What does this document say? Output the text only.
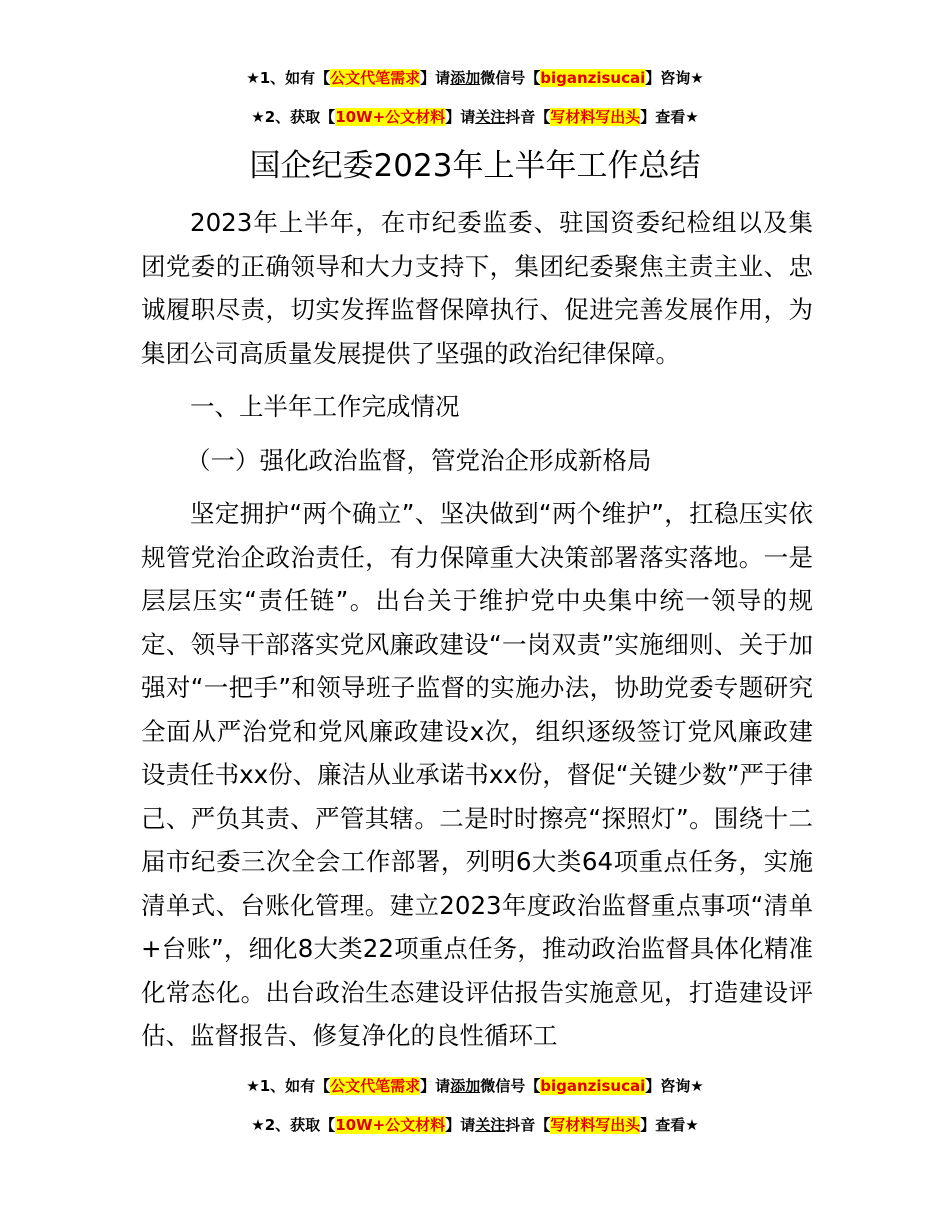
★1、如有【公文代笔需求】请添加微信号【biganzisucai】咨询★
★2、获取【10W+公文材料】请关注抖音【写材料写出头】查看★
国企纪委2023年上半年工作总结

2023年上半年，在市纪委监委、驻国资委纪检组以及集团党委的正确领导和大力支持下，集团纪委聚焦主责主业、忠诚履职尽责，切实发挥监督保障执行、促进完善发展作用，为集团公司高质量发展提供了坚强的政治纪律保障。

一、上半年工作完成情况

（一）强化政治监督，管党治企形成新格局

坚定拥护“两个确立”、坚决做到“两个维护”，扛稳压实依规管党治企政治责任，有力保障重大决策部署落实落地。一是层层压实“责任链”。出台关于维护党中央集中统一领导的规定、领导干部落实党风廉政建设“一岗双责”实施细则、关于加强对“一把手”和领导班子监督的实施办法，协助党委专题研究全面从严治党和党风廉政建设x次，组织逐级签订党风廉政建设责任书xx份、廉洁从业承诺书xx份，督促“关键少数”严于律己、严负其责、严管其辖。二是时时擦亮“探照灯”。围绕十二届市纪委三次全会工作部署，列明6大类64项重点任务，实施清单式、台账化管理。建立2023年度政治监督重点事项“清单+台账”，细化8大类22项重点任务，推动政治监督具体化精准化常态化。出台政治生态建设评估报告实施意见，打造建设评估、监督报告、修复净化的良性循环工

★1、如有【公文代笔需求】请添加微信号【biganzisucai】咨询★
★2、获取【10W+公文材料】请关注抖音【写材料写出头】查看★
